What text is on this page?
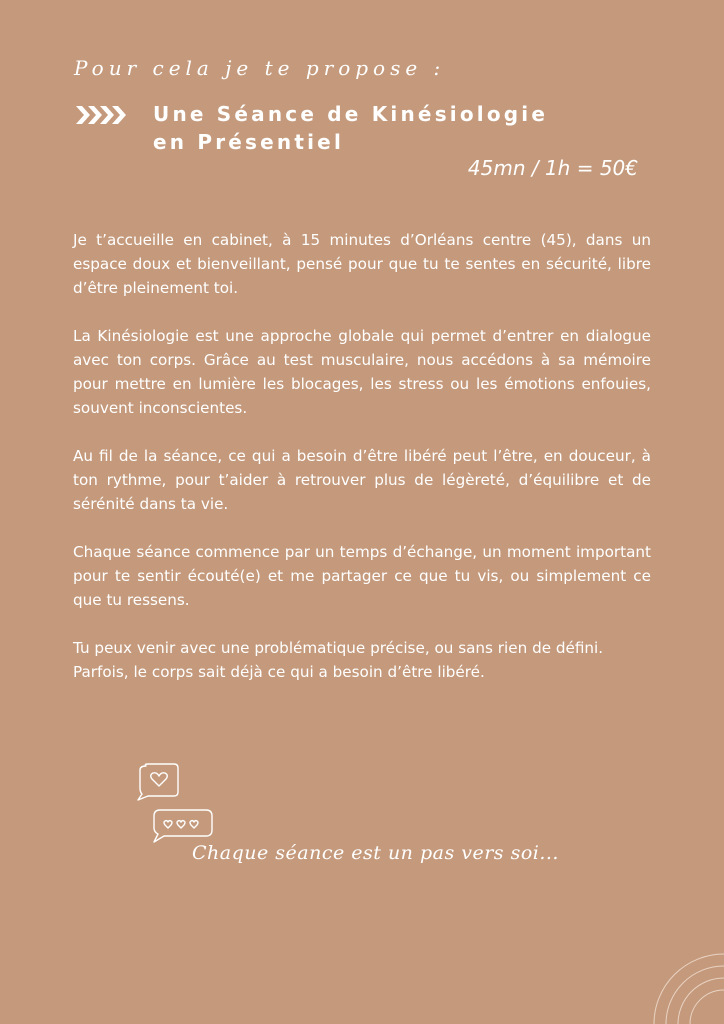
Pour cela je te propose :
Une Séance de Kinésiologie
en Présentiel
45mn / 1h = 50€

Je t’accueille en cabinet, à 15 minutes d’Orléans centre (45), dans un espace doux et bienveillant, pensé pour que tu te sentes en sécurité, libre d’être pleinement toi.

La Kinésiologie est une approche globale qui permet d’entrer en dialogue avec ton corps. Grâce au test musculaire, nous accédons à sa mémoire pour mettre en lumière les blocages, les stress ou les émotions enfouies, souvent inconscientes.

Au fil de la séance, ce qui a besoin d’être libéré peut l’être, en douceur, à ton rythme, pour t’aider à retrouver plus de légèreté, d’équilibre et de sérénité dans ta vie.

Chaque séance commence par un temps d’échange, un moment important pour te sentir écouté(e) et me partager ce que tu vis, ou simplement ce que tu ressens.

Tu peux venir avec une problématique précise, ou sans rien de défini.

Parfois, le corps sait déjà ce qui a besoin d’être libéré.

Chaque séance est un pas vers soi...
